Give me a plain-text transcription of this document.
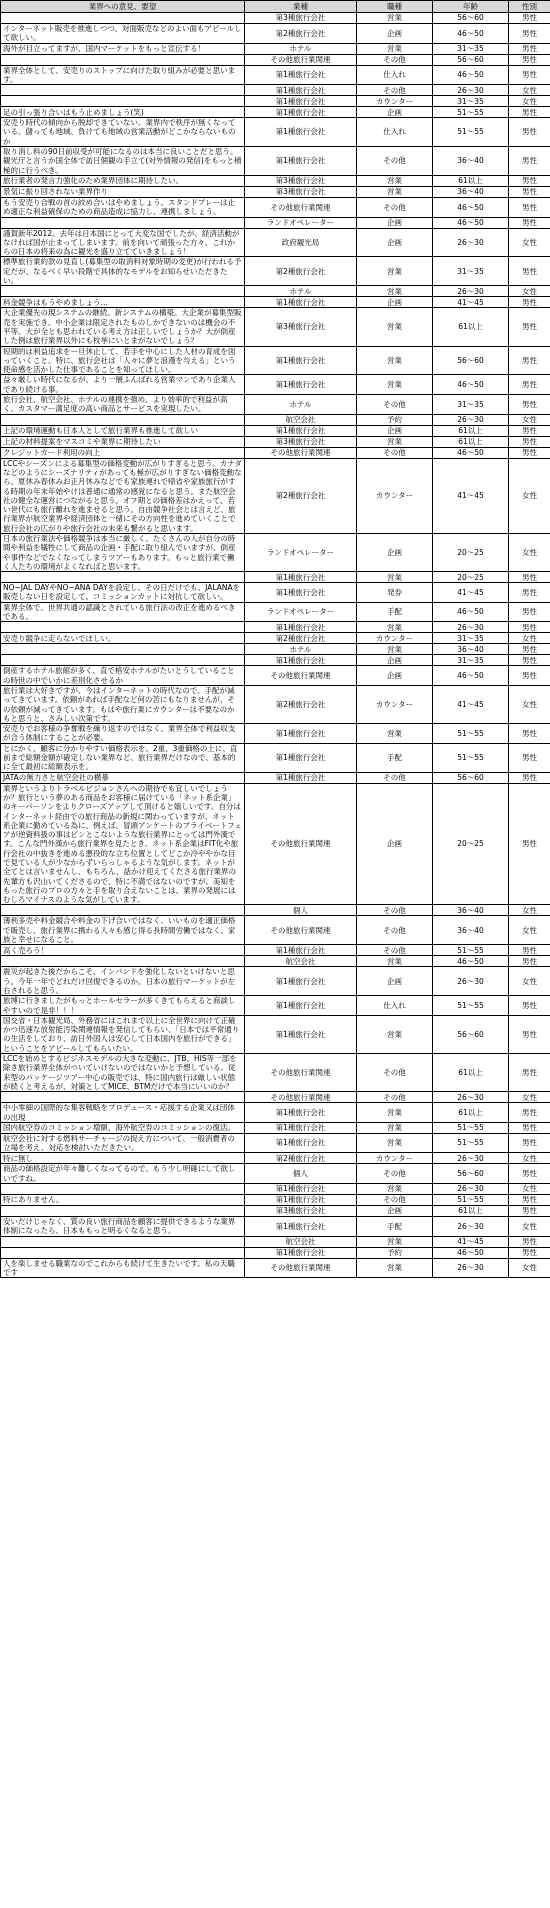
業界への意見、要望	業種	職種	年齢	性別
	第3種旅行会社	営業	56〜60	男性
インターネット販売を推進しつつ、対面販売などのよい面もアピールして欲しい。	第2種旅行会社	企画	46〜50	男性
海外が目立ってますが、国内マーケットをもっと宣伝する！	ホテル	営業	31〜35	男性
	その他旅行業関連	その他	56〜60	男性
業界全体として、安売りのストップに向けた取り組みが必要と思います。	第1種旅行会社	仕入れ	46〜50	男性
	第1種旅行会社	その他	26〜30	女性
	第1種旅行会社	カウンター	31〜35	女性
足の引っ張り合いはもう止めましょう(笑)	第1種旅行会社	企画	51〜55	男性
安売り時代の傾向から脱却できていない。業界内で秩序が無くなっている。儲っても地域、負けても地域の営業活動がどこかならないものか	第1種旅行会社	仕入れ	51〜55	男性
取り消し料の90日前収受が可能になるのは本当に良いことだと思う。観光庁と言うか国全体で訪日個観の手立て(対外情報の発信)をもっと積極的に行うべき。	第1種旅行会社	その他	36〜40	男性
旅行業者の発言力強化のため業界団体に期待したい。	第3種旅行会社	営業	61以上	男性
景気に振り回されない業界作り	第3種旅行会社	営業	36〜40	男性
もう安売り合戦の首の絞め合いはやめましょう。スタンドプレーは止め適正な利益確保のための商品造成に協力し、連携しましょう。	その他旅行業関連	その他	46〜50	男性
	ランドオペレーター	企画	46〜50	男性
謹賀新年2012。去年は日本国にとって大変な国でしたが、経済活動がなければ国が止まってしまいます。前を向いて頑張った方々、これからの日本の将来の為に観光を盛り立てていきましょう！	政府観光局	企画	26〜30	女性
標準旅行業約款の見直し(募集型の取消料対象時期の変更)が行われる予定だが、なるべく早い段階で具体的なモデルをお知らせいただきたい。	第2種旅行会社	営業	31〜35	男性
	ホテル	営業	26〜30	女性
料金競争はもうやめましょう…	第1種旅行会社	企画	41〜45	男性
大企業優先の現システムの継続。新システムの構築。大企業が募集型販売を実施でき、中小企業は限定されたものしかできないのは機会の不平等。大が全とも思われている考え方は正しいでしょうか？大が倒産した例は旅行業界以外にも枚挙にいとまがないでしょう？	第3種旅行会社	営業	61以上	男性
短期的は利益追求をー旦休止して、若手を中心にした人材の育成を図っていくこと。特に、旅行会社は「人々に夢と浪漫を与える」という使命感を活かした仕事であることを知ってほしい。	第1種旅行会社	営業	56〜60	男性
益々厳しい時代になるが、より一層ふんばれる営業マンであり企業人であり続ける事。	第1種旅行会社	営業	46〜50	男性
旅行会社、航空会社、ホテルの連携を強め、より効率的で利益が高く、カスタマー満足度の高い商品とサービスを実現したい。	ホテル	その他	31〜35	男性
	航空会社	予約	26〜30	女性
上記の環境運動も日本人として旅行業界も推進して欲しい	第1種旅行会社	企画	61以上	男性
上記の材料提案をマスコミや業界に期待したい	第3種旅行会社	営業	61以上	男性
クレジットカード利用の向上	その他旅行業関連	その他	46〜50	男性
LCCやシーズンによる募集型の価格変動が広がりすぎると思う。カナダなどのようにシーズナリティがあっても極が広がりすぎない価格変動なら、夏休み春休みお正月休みなどでも家族連れで帰省や家族旅行がする時期の年末年始やけは普通に通常の感覚になると思う。また航空会社の健全な運営につながると思う。オフ期との価格差はかえって、若い世代にも旅行離れを進ませると思う。自由競争社会とは言えど、旅行業界が航空業界や経済団体と一緒にその方向性を進めていくことで旅行会社の広がりや旅行会社の未来も繋がると思います。	第2種旅行会社	カウンター	41〜45	女性
日本の旅行業法や価格競争は本当に厳しく、たくさんの人が自分の時間や利益を犠牲にして商品の企画・手配に取り組んでいますが、倒産や事件などでなくなってしまうツアーもあります。もっと旅行業で働く人たちの環境がよくなればと思います。	ランドオペレーター	企画	20〜25	女性
	第1種旅行会社	営業	20〜25	男性
NO−JAL DAYやNO−ANA DAYを設定し、その日だけでも、JALANAを販売しない日を設定して、コミッションカットに対抗して欲しい。	第1種旅行会社	発券	41〜45	男性
業界全体で、世界共通の認識とされている旅行法の改正を進めるべきである。	ランドオペレーター	手配	46〜50	男性
	第1種旅行会社	営業	26〜30	男性
安売り競争に走らないでほしい。	第2種旅行会社	カウンター	31〜35	女性
	ホテル	営業	36〜40	男性
	第1種旅行会社	企画	31〜35	男性
倒産するホテル旅館が多く、直で格安ホテルがたいとうしていることの時世の中でいかに差別化させるか	その他旅行業関連	企画	46〜50	男性
旅行業は大好きですが、今はインターネットの時代なので、手配が減ってきています。依頼があれば手配など何の苦にもなりませんが、その依頼が減ってきています。もはや旅行業にカウンターは不要なのかもと思うと、さみしい次第です。	第2種旅行会社	カウンター	41〜45	女性
安売りでお客様の争奪戦を繰り返すのではなく、業界全体で利益収支が合う体制にすることが必要。	第1種旅行会社	営業	51〜55	男性
とにかく、顧客に分かりやすい価格表示を。2重、3重価格の上に、直前まで総額金額が確定しない業界など、旅行業界だけなので、基本的に全て最初に総額表示を。	第1種旅行会社	手配	51〜55	男性
JATAの無力さと航空会社の横暴	第1種旅行会社	その他	56〜60	男性
業界というよりトラベルピジョンさんへの期待でも宜しいでしょうか？旅行という夢のある商品をお客様に届けている「ネット系企業」のキーパーソンをよりクローズアップして頂けると嬉しいです。自分はインターネット経由での旅行商品の新規に関わっていますが、ネット系企業に勤めている為に、例えば、冒頭アンケートのプライベートフェアが逆資料扱の事はピンとこないような旅行業界にとっては門外漢です。こんな門外漢から旅行業界を見たとき、ネット系企業はFIT化や旅行会社の中抜きを進める悪役的な立ち位置としてどこか冷ややかな目で見ている人が少なからずいらっしゃるような気がします。ネットが全てとは言いませんし、もちろん、話かけ迎えてくださる旅行業界の先輩方も沢山いてくださるので、特に不満ではないのですが、美知をもった旅行のプロの方々と手を取り合えないことは、業界の発展にはむしろマイナスのような気がしています。	その他旅行業関連	企画	20〜25	男性
	個人	その他	36〜40	女性
薄利多売や料金競合や料金の下げ合いではなく、いいものを適正価格で販売し、旅行業界に携わる人々も感じ得る長時間労働ではなく、家族と幸せになること。	その他旅行業関連	その他	36〜40	女性
高く売ろう！	第1種旅行会社	その他	51〜55	男性
	航空会社	営業	46〜50	男性
震災が起きた後だからこそ、インバンドを強化しないといけないと思う。今年一年でどれだけ回復できるのか。日本の旅行マーケットが左右されると思う。	第1種旅行会社	企画	26〜30	女性
旅博に行きましたがもっとホールセラーが多くきてもらえると商談しやすいので是非！！！	第1種旅行会社	仕入れ	51〜55	男性
国交省・日本観光局、外務省にはこれまで以上に全世界に向けて正確かつ迅速な放射能汚染関連情報を発信してもらい、「日本では平常通りの生活をしており、訪日外国人は安心して日本国内を旅行ができる」ということをアピールしてもらいたい。	第1種旅行会社	営業	56〜60	男性
LCCを始めとするビジネスモデルの大きな変動に、JTB、HIS等一部を除き旅行業界全体がついていけないのではないかと予想している。従来型のパッケージツアー中心の販売では、特に国内旅行は厳しい状態が続くと考えるが、対策としてMICE、BTMだけで本当にいいのか？	その他旅行業関連	その他	61以上	男性
	その他旅行業関連	その他	26〜30	女性
中小零細の国際的な集客戦略をプロデュース・応援する企業又は団体の出現	第1種旅行会社	営業	61以上	男性
国内航空券のコミッション増額、海外航空券のコミッションの復活。	第1種旅行会社	営業	51〜55	男性
航空会社に対する燃料サーチャージの捉え方について、一般消費者の立場を考え、対応を検討いただきたい。	第1種旅行会社	営業	51〜55	男性
特に無し	第2種旅行会社	カウンター	26〜30	女性
商品の価格設定が年々難しくなってるので、もう少し明確にして欲しいですね。	個人	その他	56〜60	男性
	第1種旅行会社	営業	26〜30	女性
特にありません。	第1種旅行会社	その他	51〜55	男性
	第3種旅行会社	企画	61以上	男性
安いだけじゃなく、質の良い旅行商品を顧客に提供できるような業界体制になったら、日本ももっと明るくなると思う。	第1種旅行会社	手配	26〜30	女性
	航空会社	営業	41〜45	男性
	第1種旅行会社	予約	46〜50	男性
人を楽しませる職業なのでこれからも続けて生きたいです。私の天職です	その他旅行業関連	営業	26〜30	女性
